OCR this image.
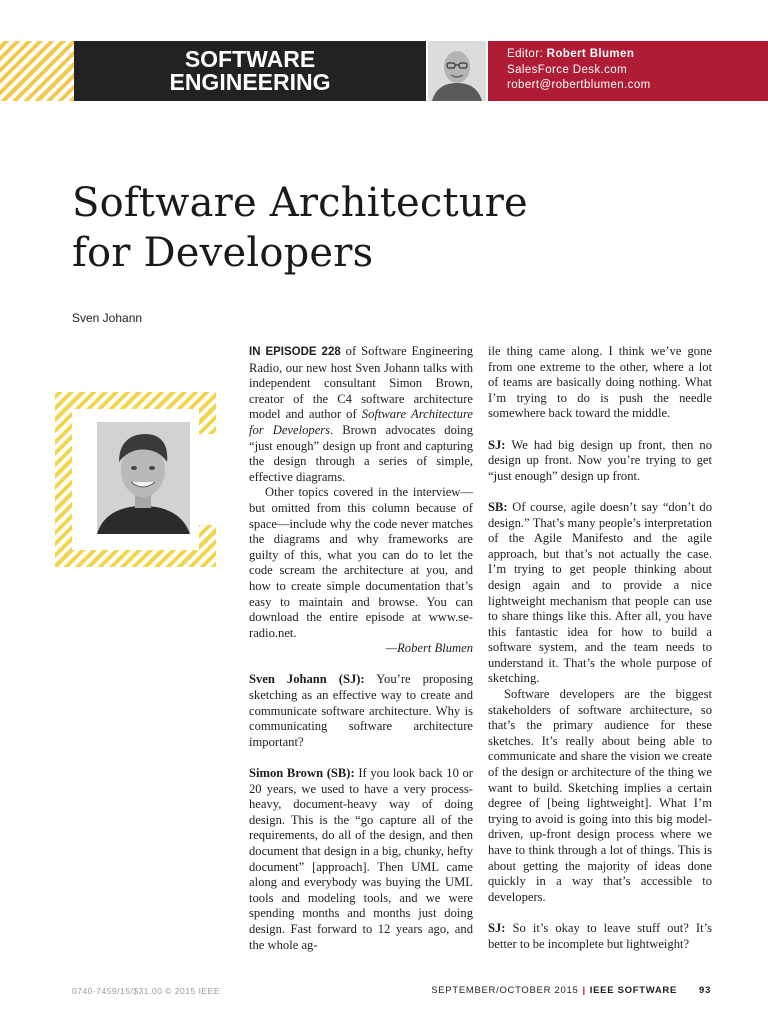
SOFTWARE
ENGINEERING
Editor: Robert Blumen
SalesForce Desk.com
robert@robertblumen.com
Software Architecture
for Developers
Sven Johann

IN EPISODE 228 of Software Engineering Radio, our new host Sven Johann talks with independent consultant Simon Brown, creator of the C4 software architecture model and author of Software Architecture for Developers. Brown advocates doing “just enough” design up front and capturing the design through a series of simple, effective diagrams.

Other topics covered in the interview—but omitted from this column because of space—include why the code never matches the diagrams and why frameworks are guilty of this, what you can do to let the code scream the architecture at you, and how to create simple documentation that’s easy to maintain and browse. You can download the entire episode at www.se-radio.net.

—Robert Blumen

Sven Johann (SJ): You’re proposing sketching as an effective way to create and communicate software architecture. Why is communicating software architecture important?

Simon Brown (SB): If you look back 10 or 20 years, we used to have a very process-heavy, document-heavy way of doing design. This is the “go capture all of the requirements, do all of the design, and then document that design in a big, chunky, hefty document” [approach]. Then UML came along and everybody was buying the UML tools and modeling tools, and we were spending months and months just doing design. Fast forward to 12 years ago, and the whole ag-

ile thing came along. I think we’ve gone from one extreme to the other, where a lot of teams are basically doing nothing. What I’m trying to do is push the needle somewhere back toward the middle.

SJ: We had big design up front, then no design up front. Now you’re trying to get “just enough” design up front.

SB: Of course, agile doesn’t say “don’t do design.” That’s many people’s interpretation of the Agile Manifesto and the agile approach, but that’s not actually the case. I’m trying to get people thinking about design again and to provide a nice lightweight mechanism that people can use to share things like this. After all, you have this fantastic idea for how to build a software system, and the team needs to understand it. That’s the whole purpose of sketching.

Software developers are the biggest stakeholders of software architecture, so that’s the primary audience for these sketches. It’s really about being able to communicate and share the vision we create of the design or architecture of the thing we want to build. Sketching implies a certain degree of [being lightweight]. What I’m trying to avoid is going into this big model-driven, up-front design process where we have to think through a lot of things. This is about getting the majority of ideas done quickly in a way that’s accessible to developers.

SJ: So it’s okay to leave stuff out? It’s better to be incomplete but lightweight?

0740-7459/15/$31.00 © 2015 IEEE	SEPTEMBER/OCTOBER 2015 | IEEE SOFTWARE 93
